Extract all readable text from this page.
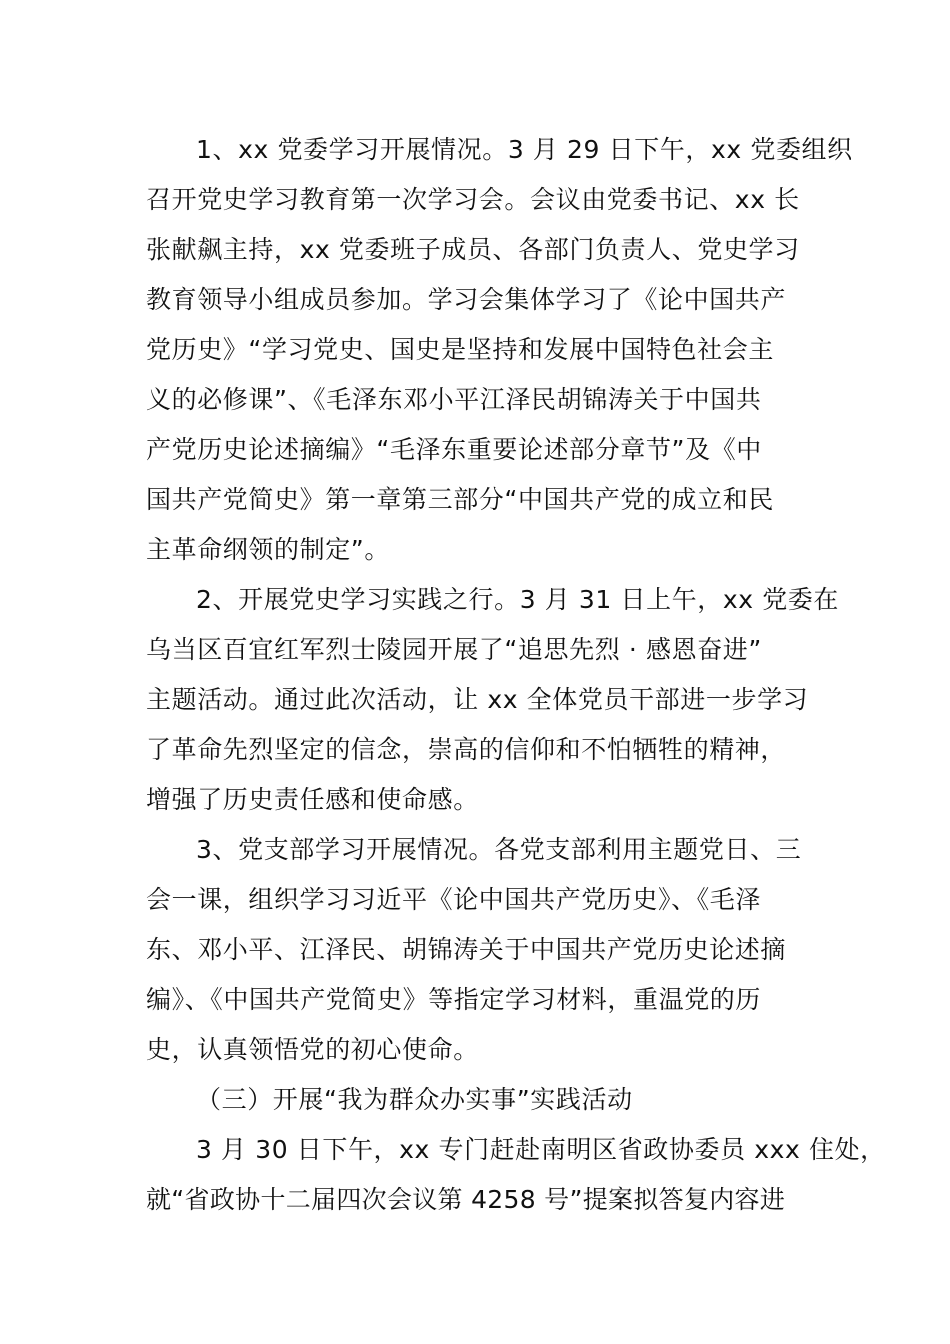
1、xx 党委学习开展情况。3 月 29 日下午，xx 党委组织
召开党史学习教育第一次学习会。会议由党委书记、xx 长
张献飙主持，xx 党委班子成员、各部门负责人、党史学习
教育领导小组成员参加。学习会集体学习了《论中国共产
党历史》“学习党史、国史是坚持和发展中国特色社会主
义的必修课”、《毛泽东邓小平江泽民胡锦涛关于中国共
产党历史论述摘编》“毛泽东重要论述部分章节”及《中
国共产党简史》第一章第三部分“中国共产党的成立和民
主革命纲领的制定”。
2、开展党史学习实践之行。3 月 31 日上午，xx 党委在
乌当区百宜红军烈士陵园开展了“追思先烈 · 感恩奋进”
主题活动。通过此次活动，让 xx 全体党员干部进一步学习
了革命先烈坚定的信念，崇高的信仰和不怕牺牲的精神，
增强了历史责任感和使命感。
3、党支部学习开展情况。各党支部利用主题党日、三
会一课，组织学习习近平《论中国共产党历史》、《毛泽
东、邓小平、江泽民、胡锦涛关于中国共产党历史论述摘
编》、《中国共产党简史》等指定学习材料，重温党的历
史，认真领悟党的初心使命。
（三）开展“我为群众办实事”实践活动
3 月 30 日下午，xx 专门赶赴南明区省政协委员 xxx 住处，
就“省政协十二届四次会议第 4258 号”提案拟答复内容进
